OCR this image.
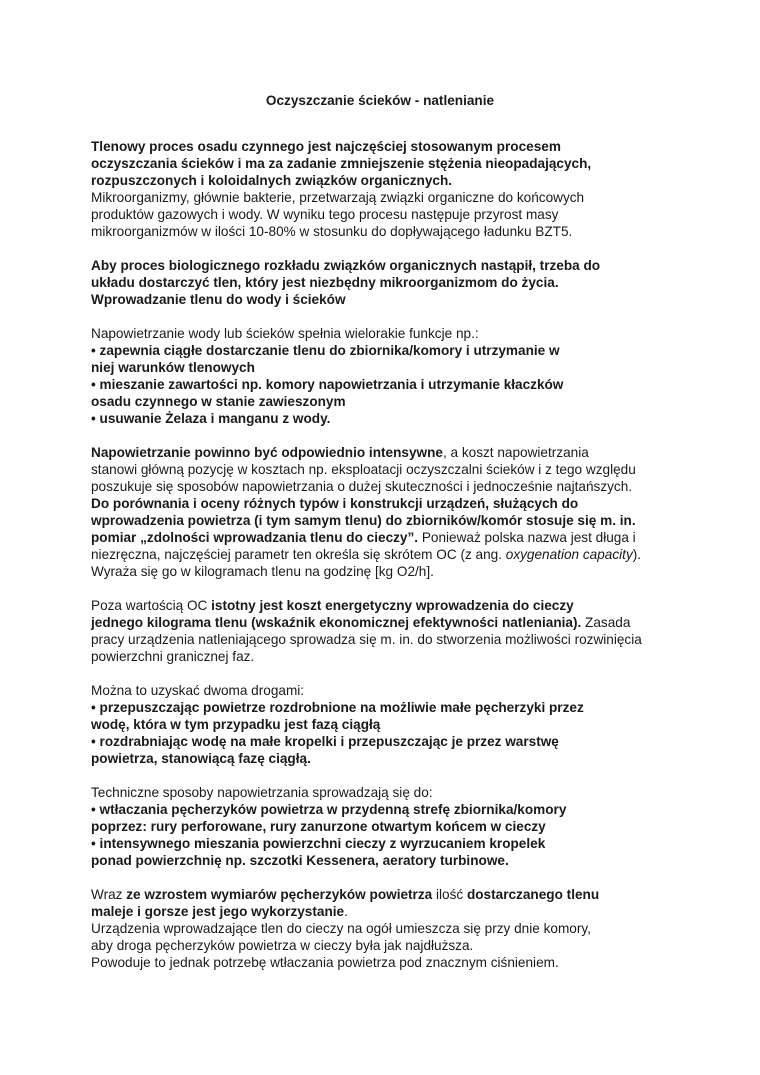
Oczyszczanie ścieków - natlenianie

Tlenowy proces osadu czynnego jest najczęściej stosowanym procesem
oczyszczania ścieków i ma za zadanie zmniejszenie stężenia nieopadających,
rozpuszczonych i koloidalnych związków organicznych.
Mikroorganizmy, głównie bakterie, przetwarzają związki organiczne do końcowych
produktów gazowych i wody. W wyniku tego procesu następuje przyrost masy
mikroorganizmów w ilości 10-80% w stosunku do dopływającego ładunku BZT5.

Aby proces biologicznego rozkładu związków organicznych nastąpił, trzeba do
układu dostarczyć tlen, który jest niezbędny mikroorganizmom do życia.
Wprowadzanie tlenu do wody i ścieków

Napowietrzanie wody lub ścieków spełnia wielorakie funkcje np.:
• zapewnia ciągłe dostarczanie tlenu do zbiornika/komory i utrzymanie w
niej warunków tlenowych
• mieszanie zawartości np. komory napowietrzania i utrzymanie kłaczków
osadu czynnego w stanie zawieszonym
• usuwanie Żelaza i manganu z wody.

Napowietrzanie powinno być odpowiednio intensywne, a koszt napowietrzania
stanowi główną pozycję w kosztach np. eksploatacji oczyszczalni ścieków i z tego względu
poszukuje się sposobów napowietrzania o dużej skuteczności i jednocześnie najtańszych.
Do porównania i oceny różnych typów i konstrukcji urządzeń, służących do
wprowadzenia powietrza (i tym samym tlenu) do zbiorników/komór stosuje się m. in.
pomiar „zdolności wprowadzania tlenu do cieczy”. Ponieważ polska nazwa jest długa i
niezręczna, najczęściej parametr ten określa się skrótem OC (z ang. oxygenation capacity).
Wyraża się go w kilogramach tlenu na godzinę [kg O2/h].

Poza wartością OC istotny jest koszt energetyczny wprowadzenia do cieczy
jednego kilograma tlenu (wskaźnik ekonomicznej efektywności natleniania). Zasada
pracy urządzenia natleniającego sprowadza się m. in. do stworzenia możliwości rozwinięcia
powierzchni granicznej faz.

Można to uzyskać dwoma drogami:
• przepuszczając powietrze rozdrobnione na możliwie małe pęcherzyki przez
wodę, która w tym przypadku jest fazą ciągłą
• rozdrabniając wodę na małe kropelki i przepuszczając je przez warstwę
powietrza, stanowiącą fazę ciągłą.

Techniczne sposoby napowietrzania sprowadzają się do:
• wtłaczania pęcherzyków powietrza w przydenną strefę zbiornika/komory
poprzez: rury perforowane, rury zanurzone otwartym końcem w cieczy
• intensywnego mieszania powierzchni cieczy z wyrzucaniem kropelek
ponad powierzchnię np. szczotki Kessenera, aeratory turbinowe.

Wraz ze wzrostem wymiarów pęcherzyków powietrza ilość dostarczanego tlenu
maleje i gorsze jest jego wykorzystanie.
Urządzenia wprowadzające tlen do cieczy na ogół umieszcza się przy dnie komory,
aby droga pęcherzyków powietrza w cieczy była jak najdłuższa.
Powoduje to jednak potrzebę wtłaczania powietrza pod znacznym ciśnieniem.
